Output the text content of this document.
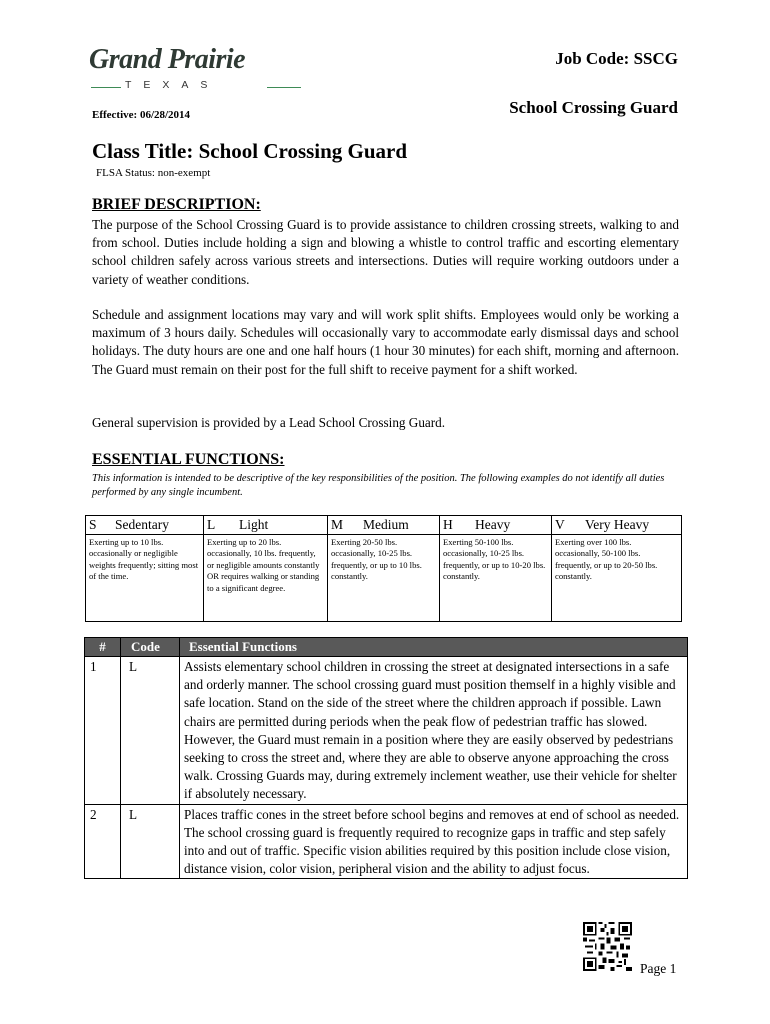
Grand Prairie
TEXAS
Job Code: SSCG
School Crossing Guard
Effective: 06/28/2014
Class Title: School Crossing Guard
FLSA Status: non-exempt
BRIEF DESCRIPTION:

The purpose of the School Crossing Guard is to provide assistance to children crossing streets, walking to and from school. Duties include holding a sign and blowing a whistle to control traffic and escorting elementary school children safely across various streets and intersections. Duties will require working outdoors under a variety of weather conditions.

Schedule and assignment locations may vary and will work split shifts. Employees would only be working a maximum of 3 hours daily. Schedules will occasionally vary to accommodate early dismissal days and school holidays. The duty hours are one and one half hours (1 hour 30 minutes) for each shift, morning and afternoon. The Guard must remain on their post for the full shift to receive payment for a shift worked.

General supervision is provided by a Lead School Crossing Guard.

ESSENTIAL FUNCTIONS:

This information is intended to be descriptive of the key responsibilities of the position. The following examples do not identify all duties performed by any single incumbent.

S Sedentary	L Light	M Medium	H Heavy	V Very Heavy
Exerting up to 10 lbs. occasionally or negligible weights frequently; sitting most of the time.	Exerting up to 20 lbs. occasionally, 10 lbs. frequently, or negligible amounts constantly OR requires walking or standing to a significant degree.	Exerting 20-50 lbs. occasionally, 10-25 lbs. frequently, or up to 10 lbs. constantly.	Exerting 50-100 lbs. occasionally, 10-25 lbs. frequently, or up to 10-20 lbs. constantly.	Exerting over 100 lbs. occasionally, 50-100 lbs. frequently, or up to 20-50 lbs. constantly.
#	Code	Essential Functions
1	L	Assists elementary school children in crossing the street at designated intersections in a safe and orderly manner. The school crossing guard must position themself in a highly visible and safe location. Stand on the side of the street where the children approach if possible. Lawn chairs are permitted during periods when the peak flow of pedestrian traffic has slowed. However, the Guard must remain in a position where they are easily observed by pedestrians seeking to cross the street and, where they are able to observe anyone approaching the cross walk. Crossing Guards may, during extremely inclement weather, use their vehicle for shelter if absolutely necessary.
2	L	Places traffic cones in the street before school begins and removes at end of school as needed. The school crossing guard is frequently required to recognize gaps in traffic and step safely into and out of traffic. Specific vision abilities required by this position include close vision, distance vision, color vision, peripheral vision and the ability to adjust focus.
Page 1
